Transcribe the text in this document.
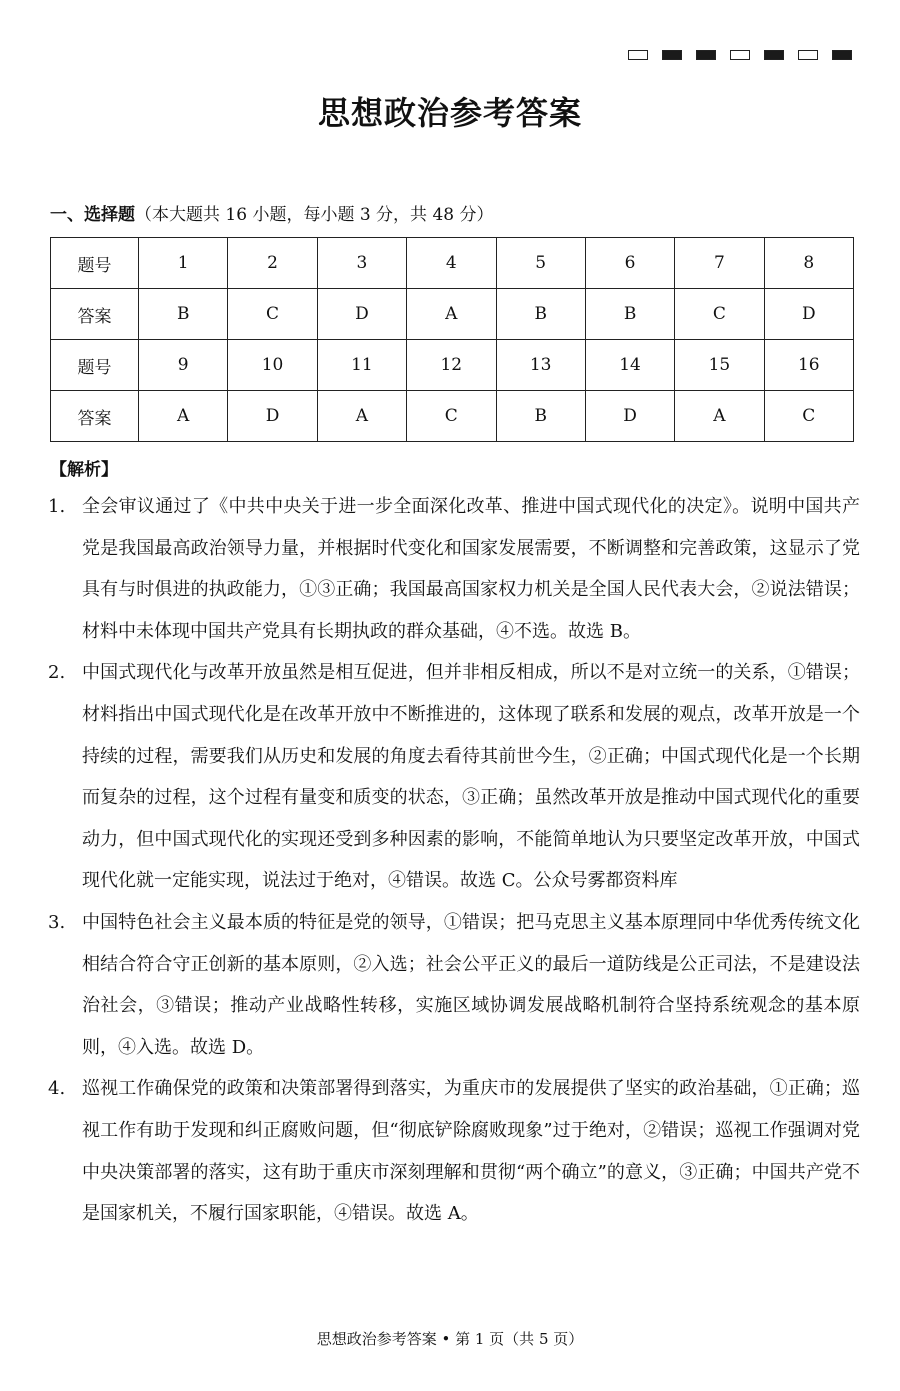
思想政治参考答案
一、选择题（本大题共 16 小题，每小题 3 分，共 48 分）
题号	1	2	3	4	5	6	7	8
答案	B	C	D	A	B	B	C	D
题号	9	10	11	12	13	14	15	16
答案	A	D	A	C	B	D	A	C
【解析】
1. 全会审议通过了《中共中央关于进一步全面深化改革、推进中国式现代化的决定》。说明中国共产党是我国最高政治领导力量，并根据时代变化和国家发展需要，不断调整和完善政策，这显示了党具有与时俱进的执政能力，①③正确；我国最高国家权力机关是全国人民代表大会，②说法错误；材料中未体现中国共产党具有长期执政的群众基础，④不选。故选 B。
2. 中国式现代化与改革开放虽然是相互促进，但并非相反相成，所以不是对立统一的关系，①错误；材料指出中国式现代化是在改革开放中不断推进的，这体现了联系和发展的观点，改革开放是一个持续的过程，需要我们从历史和发展的角度去看待其前世今生，②正确；中国式现代化是一个长期而复杂的过程，这个过程有量变和质变的状态，③正确；虽然改革开放是推动中国式现代化的重要动力，但中国式现代化的实现还受到多种因素的影响，不能简单地认为只要坚定改革开放，中国式现代化就一定能实现，说法过于绝对，④错误。故选 C。公众号雾都资料库
3. 中国特色社会主义最本质的特征是党的领导，①错误；把马克思主义基本原理同中华优秀传统文化相结合符合守正创新的基本原则，②入选；社会公平正义的最后一道防线是公正司法，不是建设法治社会，③错误；推动产业战略性转移，实施区域协调发展战略机制符合坚持系统观念的基本原则，④入选。故选 D。
4. 巡视工作确保党的政策和决策部署得到落实，为重庆市的发展提供了坚实的政治基础，①正确；巡视工作有助于发现和纠正腐败问题，但“彻底铲除腐败现象”过于绝对，②错误；巡视工作强调对党中央决策部署的落实，这有助于重庆市深刻理解和贯彻“两个确立”的意义，③正确；中国共产党不是国家机关，不履行国家职能，④错误。故选 A。
思想政治参考答案 • 第 1 页（共 5 页）
